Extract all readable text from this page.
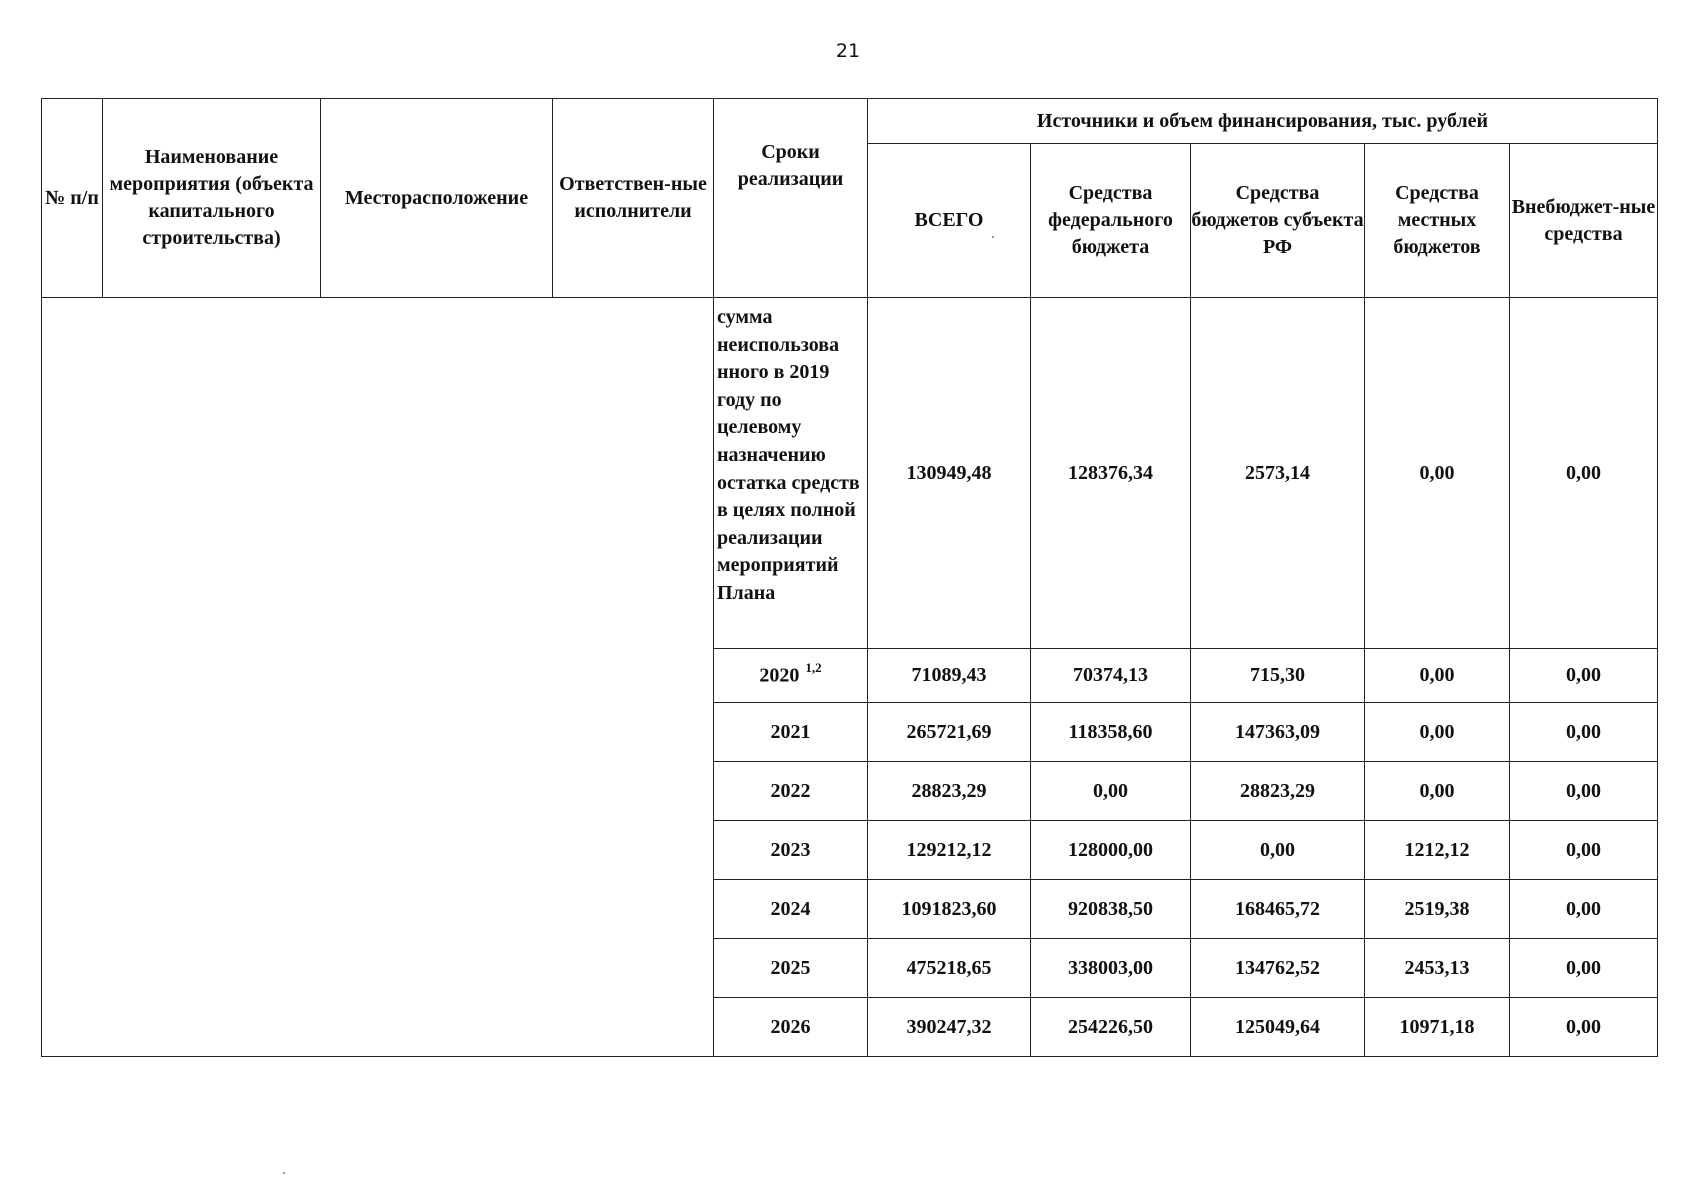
21
№ п/п	Наименование мероприятия (объекта капитального строительства)	Месторасположение	Ответствен-ные исполнители	Сроки реализации	Источники и объем финансирования, тыс. рублей				
					ВСЕГО	Средства федерального бюджета	Средства бюджетов субъекта РФ	Средства местных бюджетов	Внебюджет-ные средства
				сумма неиспользова нного в 2019 году по целевому назначению остатка средств в целях полной реализации мероприятий Плана	130949,48	128376,34	2573,14	0,00	0,00
				2020 $^{1,2}$	71089,43	70374,13	715,30	0,00	0,00
				2021	265721,69	118358,60	147363,09	0,00	0,00
				2022	28823,29	0,00	28823,29	0,00	0,00
				2023	129212,12	128000,00	0,00	1212,12	0,00
				2024	1091823,60	920838,50	168465,72	2519,38	0,00
				2025	475218,65	338003,00	134762,52	2453,13	0,00
				2026	390247,32	254226,50	125049,64	10971,18	0,00
